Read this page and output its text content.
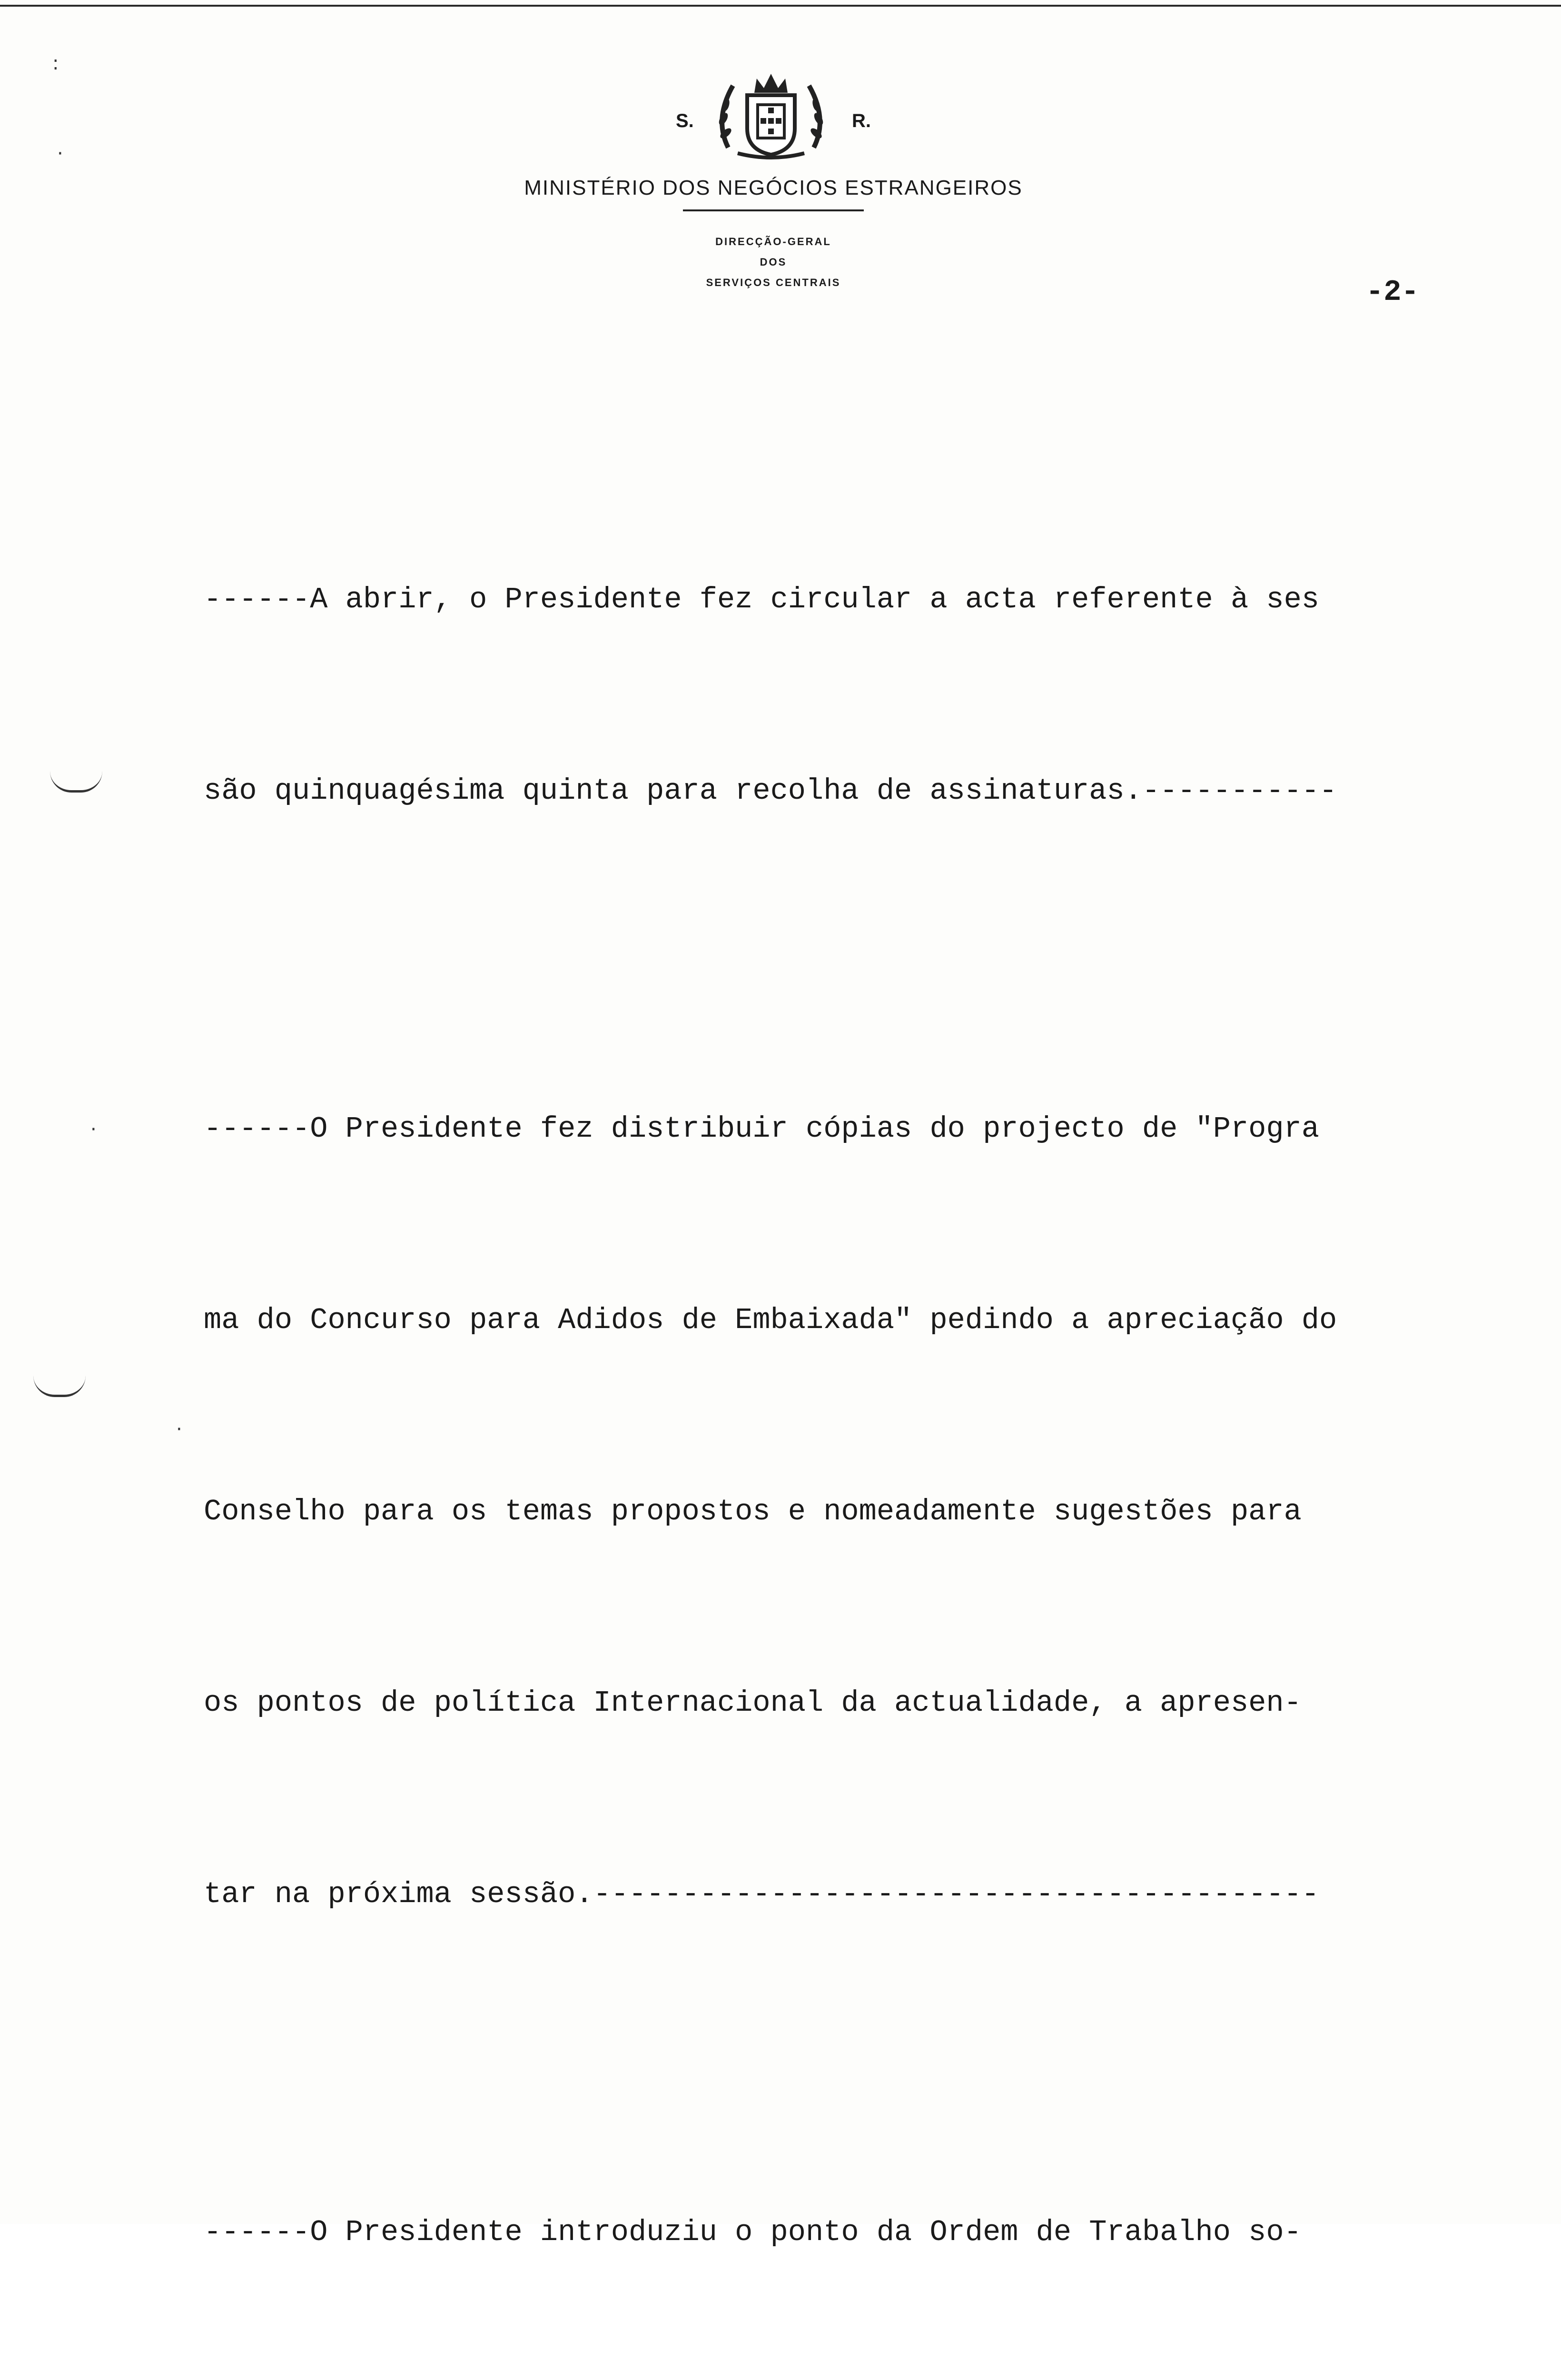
S.	R.
MINISTÉRIO DOS NEGÓCIOS ESTRANGEIROS
DIRECÇÃO-GERAL
DOS
SERVIÇOS CENTRAIS	-2-

------A abrir, o Presidente fez circular a acta referente à ses

são quinquagésima quinta para recolha de assinaturas.-----------

------O Presidente fez distribuir cópias do projecto de "Progra

ma do Concurso para Adidos de Embaixada" pedindo a apreciação do

Conselho para os temas propostos e nomeadamente sugestões para

os pontos de política Internacional da actualidade, a apresen-

tar na próxima sessão.-----------------------------------------

------O Presidente introduziu o ponto da Ordem de Trabalho so-

:
·
·
·
